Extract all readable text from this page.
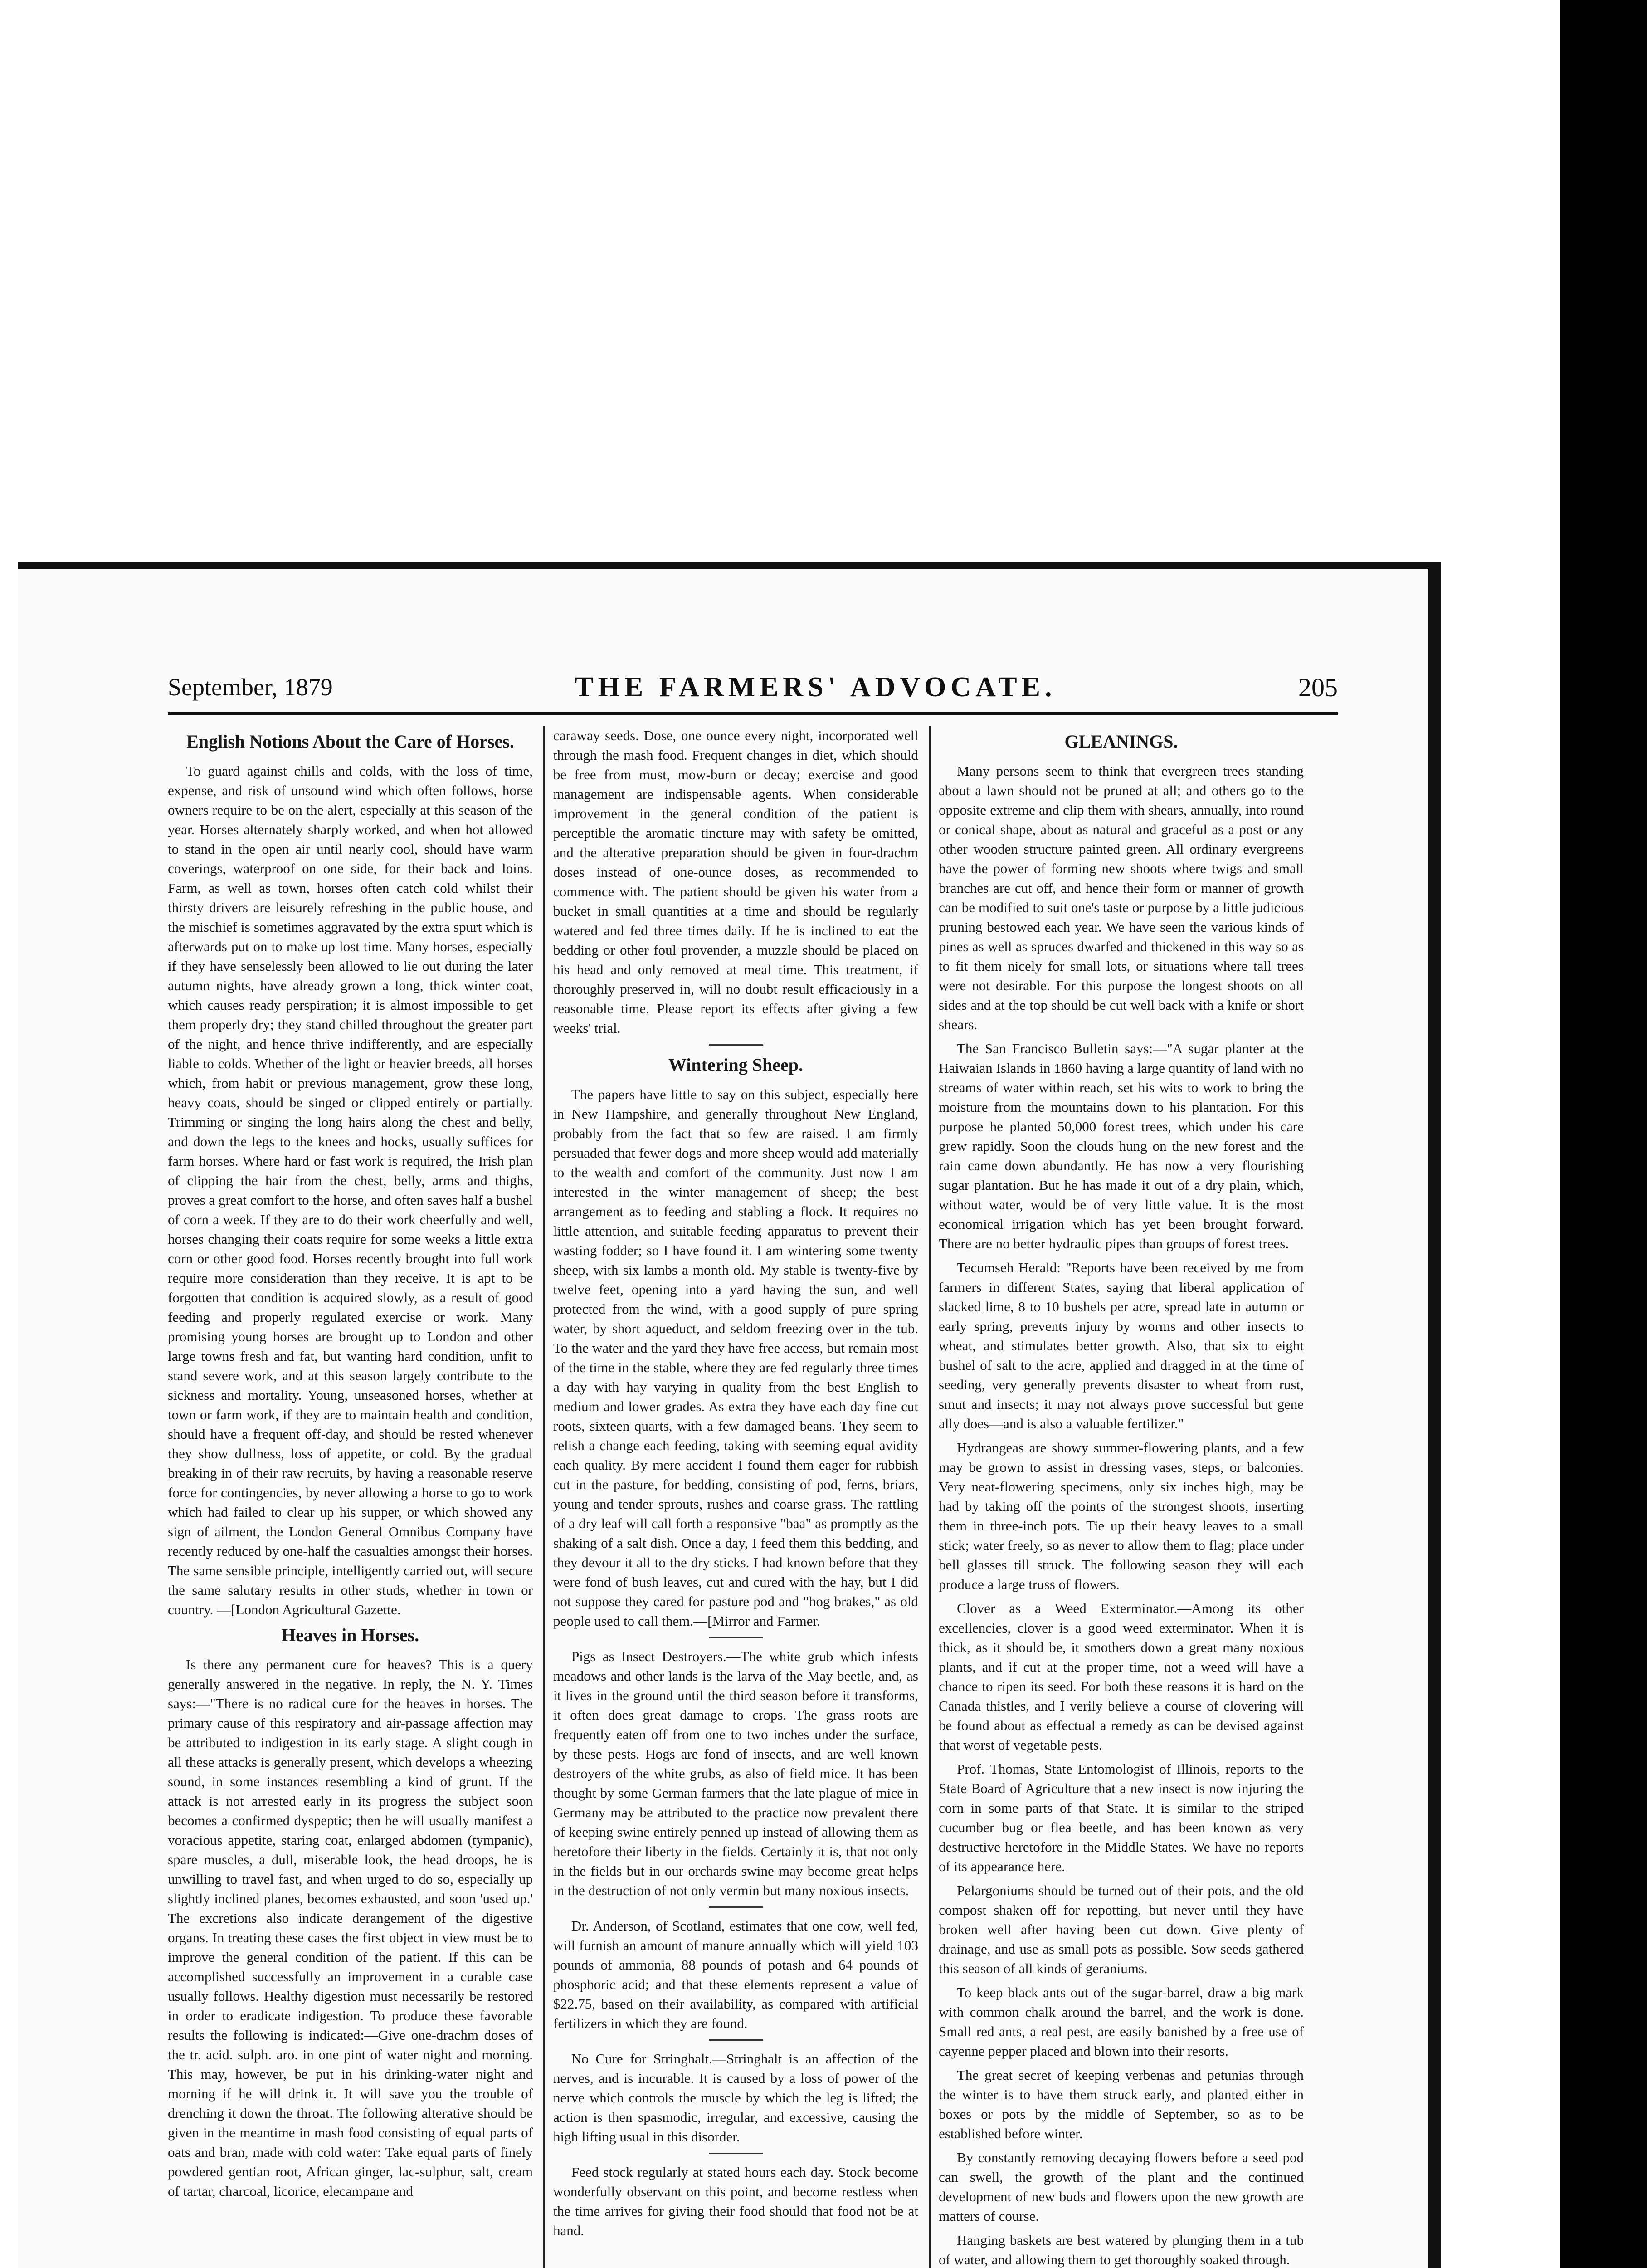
September, 1879	THE FARMERS' ADVOCATE.	205
English Notions About the Care of Horses.

To guard against chills and colds, with the loss of time, expense, and risk of unsound wind which often follows, horse owners require to be on the alert, especially at this season of the year. Horses alternately sharply worked, and when hot allowed to stand in the open air until nearly cool, should have warm coverings, waterproof on one side, for their back and loins. Farm, as well as town, horses often catch cold whilst their thirsty drivers are leisurely refreshing in the public house, and the mischief is sometimes aggravated by the extra spurt which is afterwards put on to make up lost time. Many horses, especially if they have senselessly been allowed to lie out during the later autumn nights, have already grown a long, thick winter coat, which causes ready perspiration; it is almost impossible to get them properly dry; they stand chilled throughout the greater part of the night, and hence thrive indifferently, and are especially liable to colds. Whether of the light or heavier breeds, all horses which, from habit or previous management, grow these long, heavy coats, should be singed or clipped entirely or partially. Trimming or singing the long hairs along the chest and belly, and down the legs to the knees and hocks, usually suffices for farm horses. Where hard or fast work is required, the Irish plan of clipping the hair from the chest, belly, arms and thighs, proves a great comfort to the horse, and often saves half a bushel of corn a week. If they are to do their work cheerfully and well, horses changing their coats require for some weeks a little extra corn or other good food. Horses recently brought into full work require more consideration than they receive. It is apt to be forgotten that condition is acquired slowly, as a result of good feeding and properly regulated exercise or work. Many promising young horses are brought up to London and other large towns fresh and fat, but wanting hard condition, unfit to stand severe work, and at this season largely contribute to the sickness and mortality. Young, unseasoned horses, whether at town or farm work, if they are to maintain health and condition, should have a frequent off-day, and should be rested whenever they show dullness, loss of appetite, or cold. By the gradual breaking in of their raw recruits, by having a reasonable reserve force for contingencies, by never allowing a horse to go to work which had failed to clear up his supper, or which showed any sign of ailment, the London General Omnibus Company have recently reduced by one-half the casualties amongst their horses. The same sensible principle, intelligently carried out, will secure the same salutary results in other studs, whether in town or country. —[London Agricultural Gazette.

Heaves in Horses.

Is there any permanent cure for heaves? This is a query generally answered in the negative. In reply, the N. Y. Times says:—"There is no radical cure for the heaves in horses. The primary cause of this respiratory and air-passage affection may be attributed to indigestion in its early stage. A slight cough in all these attacks is generally present, which develops a wheezing sound, in some instances resembling a kind of grunt. If the attack is not arrested early in its progress the subject soon becomes a confirmed dyspeptic; then he will usually manifest a voracious appetite, staring coat, enlarged abdomen (tympanic), spare muscles, a dull, miserable look, the head droops, he is unwilling to travel fast, and when urged to do so, especially up slightly inclined planes, becomes exhausted, and soon 'used up.' The excretions also indicate derangement of the digestive organs. In treating these cases the first object in view must be to improve the general condition of the patient. If this can be accomplished successfully an improvement in a curable case usually follows. Healthy digestion must necessarily be restored in order to eradicate indigestion. To produce these favorable results the following is indicated:—Give one-drachm doses of the tr. acid. sulph. aro. in one pint of water night and morning. This may, however, be put in his drinking-water night and morning if he will drink it. It will save you the trouble of drenching it down the throat. The following alterative should be given in the meantime in mash food consisting of equal parts of oats and bran, made with cold water: Take equal parts of finely powdered gentian root, African ginger, lac-sulphur, salt, cream of tartar, charcoal, licorice, elecampane and

caraway seeds. Dose, one ounce every night, incorporated well through the mash food. Frequent changes in diet, which should be free from must, mow-burn or decay; exercise and good management are indispensable agents. When considerable improvement in the general condition of the patient is perceptible the aromatic tincture may with safety be omitted, and the alterative preparation should be given in four-drachm doses instead of one-ounce doses, as recommended to commence with. The patient should be given his water from a bucket in small quantities at a time and should be regularly watered and fed three times daily. If he is inclined to eat the bedding or other foul provender, a muzzle should be placed on his head and only removed at meal time. This treatment, if thoroughly preserved in, will no doubt result efficaciously in a reasonable time. Please report its effects after giving a few weeks' trial.

Wintering Sheep.

The papers have little to say on this subject, especially here in New Hampshire, and generally throughout New England, probably from the fact that so few are raised. I am firmly persuaded that fewer dogs and more sheep would add materially to the wealth and comfort of the community. Just now I am interested in the winter management of sheep; the best arrangement as to feeding and stabling a flock. It requires no little attention, and suitable feeding apparatus to prevent their wasting fodder; so I have found it. I am wintering some twenty sheep, with six lambs a month old. My stable is twenty-five by twelve feet, opening into a yard having the sun, and well protected from the wind, with a good supply of pure spring water, by short aqueduct, and seldom freezing over in the tub. To the water and the yard they have free access, but remain most of the time in the stable, where they are fed regularly three times a day with hay varying in quality from the best English to medium and lower grades. As extra they have each day fine cut roots, sixteen quarts, with a few damaged beans. They seem to relish a change each feeding, taking with seeming equal avidity each quality. By mere accident I found them eager for rubbish cut in the pasture, for bedding, consisting of pod, ferns, briars, young and tender sprouts, rushes and coarse grass. The rattling of a dry leaf will call forth a responsive "baa" as promptly as the shaking of a salt dish. Once a day, I feed them this bedding, and they devour it all to the dry sticks. I had known before that they were fond of bush leaves, cut and cured with the hay, but I did not suppose they cared for pasture pod and "hog brakes," as old people used to call them.—[Mirror and Farmer.

Pigs as Insect Destroyers.—The white grub which infests meadows and other lands is the larva of the May beetle, and, as it lives in the ground until the third season before it transforms, it often does great damage to crops. The grass roots are frequently eaten off from one to two inches under the surface, by these pests. Hogs are fond of insects, and are well known destroyers of the white grubs, as also of field mice. It has been thought by some German farmers that the late plague of mice in Germany may be attributed to the practice now prevalent there of keeping swine entirely penned up instead of allowing them as heretofore their liberty in the fields. Certainly it is, that not only in the fields but in our orchards swine may become great helps in the destruction of not only vermin but many noxious insects.

Dr. Anderson, of Scotland, estimates that one cow, well fed, will furnish an amount of manure annually which will yield 103 pounds of ammonia, 88 pounds of potash and 64 pounds of phosphoric acid; and that these elements represent a value of $22.75, based on their availability, as compared with artificial fertilizers in which they are found.

No Cure for Stringhalt.—Stringhalt is an affection of the nerves, and is incurable. It is caused by a loss of power of the nerve which controls the muscle by which the leg is lifted; the action is then spasmodic, irregular, and excessive, causing the high lifting usual in this disorder.

Feed stock regularly at stated hours each day. Stock become wonderfully observant on this point, and become restless when the time arrives for giving their food should that food not be at hand.

GLEANINGS.

Many persons seem to think that evergreen trees standing about a lawn should not be pruned at all; and others go to the opposite extreme and clip them with shears, annually, into round or conical shape, about as natural and graceful as a post or any other wooden structure painted green. All ordinary evergreens have the power of forming new shoots where twigs and small branches are cut off, and hence their form or manner of growth can be modified to suit one's taste or purpose by a little judicious pruning bestowed each year. We have seen the various kinds of pines as well as spruces dwarfed and thickened in this way so as to fit them nicely for small lots, or situations where tall trees were not desirable. For this purpose the longest shoots on all sides and at the top should be cut well back with a knife or short shears.

The San Francisco Bulletin says:—"A sugar planter at the Haiwaian Islands in 1860 having a large quantity of land with no streams of water within reach, set his wits to work to bring the moisture from the mountains down to his plantation. For this purpose he planted 50,000 forest trees, which under his care grew rapidly. Soon the clouds hung on the new forest and the rain came down abundantly. He has now a very flourishing sugar plantation. But he has made it out of a dry plain, which, without water, would be of very little value. It is the most economical irrigation which has yet been brought forward. There are no better hydraulic pipes than groups of forest trees.

Tecumseh Herald: "Reports have been received by me from farmers in different States, saying that liberal application of slacked lime, 8 to 10 bushels per acre, spread late in autumn or early spring, prevents injury by worms and other insects to wheat, and stimulates better growth. Also, that six to eight bushel of salt to the acre, applied and dragged in at the time of seeding, very generally prevents disaster to wheat from rust, smut and insects; it may not always prove successful but gene ally does—and is also a valuable fertilizer."

Hydrangeas are showy summer-flowering plants, and a few may be grown to assist in dressing vases, steps, or balconies. Very neat-flowering specimens, only six inches high, may be had by taking off the points of the strongest shoots, inserting them in three-inch pots. Tie up their heavy leaves to a small stick; water freely, so as never to allow them to flag; place under bell glasses till struck. The following season they will each produce a large truss of flowers.

Clover as a Weed Exterminator.—Among its other excellencies, clover is a good weed exterminator. When it is thick, as it should be, it smothers down a great many noxious plants, and if cut at the proper time, not a weed will have a chance to ripen its seed. For both these reasons it is hard on the Canada thistles, and I verily believe a course of clovering will be found about as effectual a remedy as can be devised against that worst of vegetable pests.

Prof. Thomas, State Entomologist of Illinois, reports to the State Board of Agriculture that a new insect is now injuring the corn in some parts of that State. It is similar to the striped cucumber bug or flea beetle, and has been known as very destructive heretofore in the Middle States. We have no reports of its appearance here.

Pelargoniums should be turned out of their pots, and the old compost shaken off for repotting, but never until they have broken well after having been cut down. Give plenty of drainage, and use as small pots as possible. Sow seeds gathered this season of all kinds of geraniums.

To keep black ants out of the sugar-barrel, draw a big mark with common chalk around the barrel, and the work is done. Small red ants, a real pest, are easily banished by a free use of cayenne pepper placed and blown into their resorts.

The great secret of keeping verbenas and petunias through the winter is to have them struck early, and planted either in boxes or pots by the middle of September, so as to be established before winter.

By constantly removing decaying flowers before a seed pod can swell, the growth of the plant and the continued development of new buds and flowers upon the new growth are matters of course.

Hanging baskets are best watered by plunging them in a tub of water, and allowing them to get thoroughly soaked through.
